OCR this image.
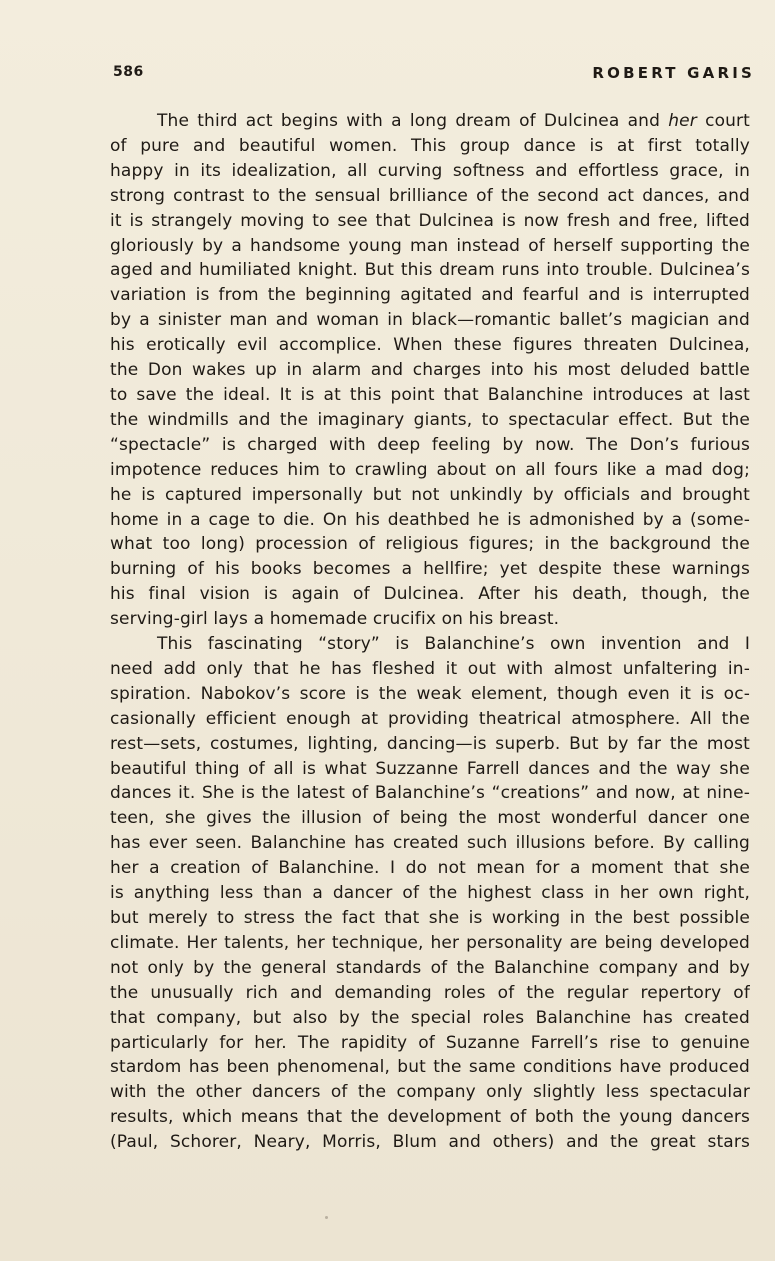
586	ROBERT GARIS
The third act begins with a long dream of Dulcinea and her court
of pure and beautiful women. This group dance is at first totally
happy in its idealization, all curving softness and effortless grace, in
strong contrast to the sensual brilliance of the second act dances, and
it is strangely moving to see that Dulcinea is now fresh and free, lifted
gloriously by a handsome young man instead of herself supporting the
aged and humiliated knight. But this dream runs into trouble. Dulcinea’s
variation is from the beginning agitated and fearful and is interrupted
by a sinister man and woman in black—romantic ballet’s magician and
his erotically evil accomplice. When these figures threaten Dulcinea,
the Don wakes up in alarm and charges into his most deluded battle
to save the ideal. It is at this point that Balanchine introduces at last
the windmills and the imaginary giants, to spectacular effect. But the
“spectacle” is charged with deep feeling by now. The Don’s furious
impotence reduces him to crawling about on all fours like a mad dog;
he is captured impersonally but not unkindly by officials and brought
home in a cage to die. On his deathbed he is admonished by a (some-
what too long) procession of religious figures; in the background the
burning of his books becomes a hellfire; yet despite these warnings
his final vision is again of Dulcinea. After his death, though, the
serving-girl lays a homemade crucifix on his breast.
This fascinating “story” is Balanchine’s own invention and I
need add only that he has fleshed it out with almost unfaltering in-
spiration. Nabokov’s score is the weak element, though even it is oc-
casionally efficient enough at providing theatrical atmosphere. All the
rest—sets, costumes, lighting, dancing—is superb. But by far the most
beautiful thing of all is what Suzzanne Farrell dances and the way she
dances it. She is the latest of Balanchine’s “creations” and now, at nine-
teen, she gives the illusion of being the most wonderful dancer one
has ever seen. Balanchine has created such illusions before. By calling
her a creation of Balanchine. I do not mean for a moment that she
is anything less than a dancer of the highest class in her own right,
but merely to stress the fact that she is working in the best possible
climate. Her talents, her technique, her personality are being developed
not only by the general standards of the Balanchine company and by
the unusually rich and demanding roles of the regular repertory of
that company, but also by the special roles Balanchine has created
particularly for her. The rapidity of Suzanne Farrell’s rise to genuine
stardom has been phenomenal, but the same conditions have produced
with the other dancers of the company only slightly less spectacular
results, which means that the development of both the young dancers
(Paul, Schorer, Neary, Morris, Blum and others) and the great stars
